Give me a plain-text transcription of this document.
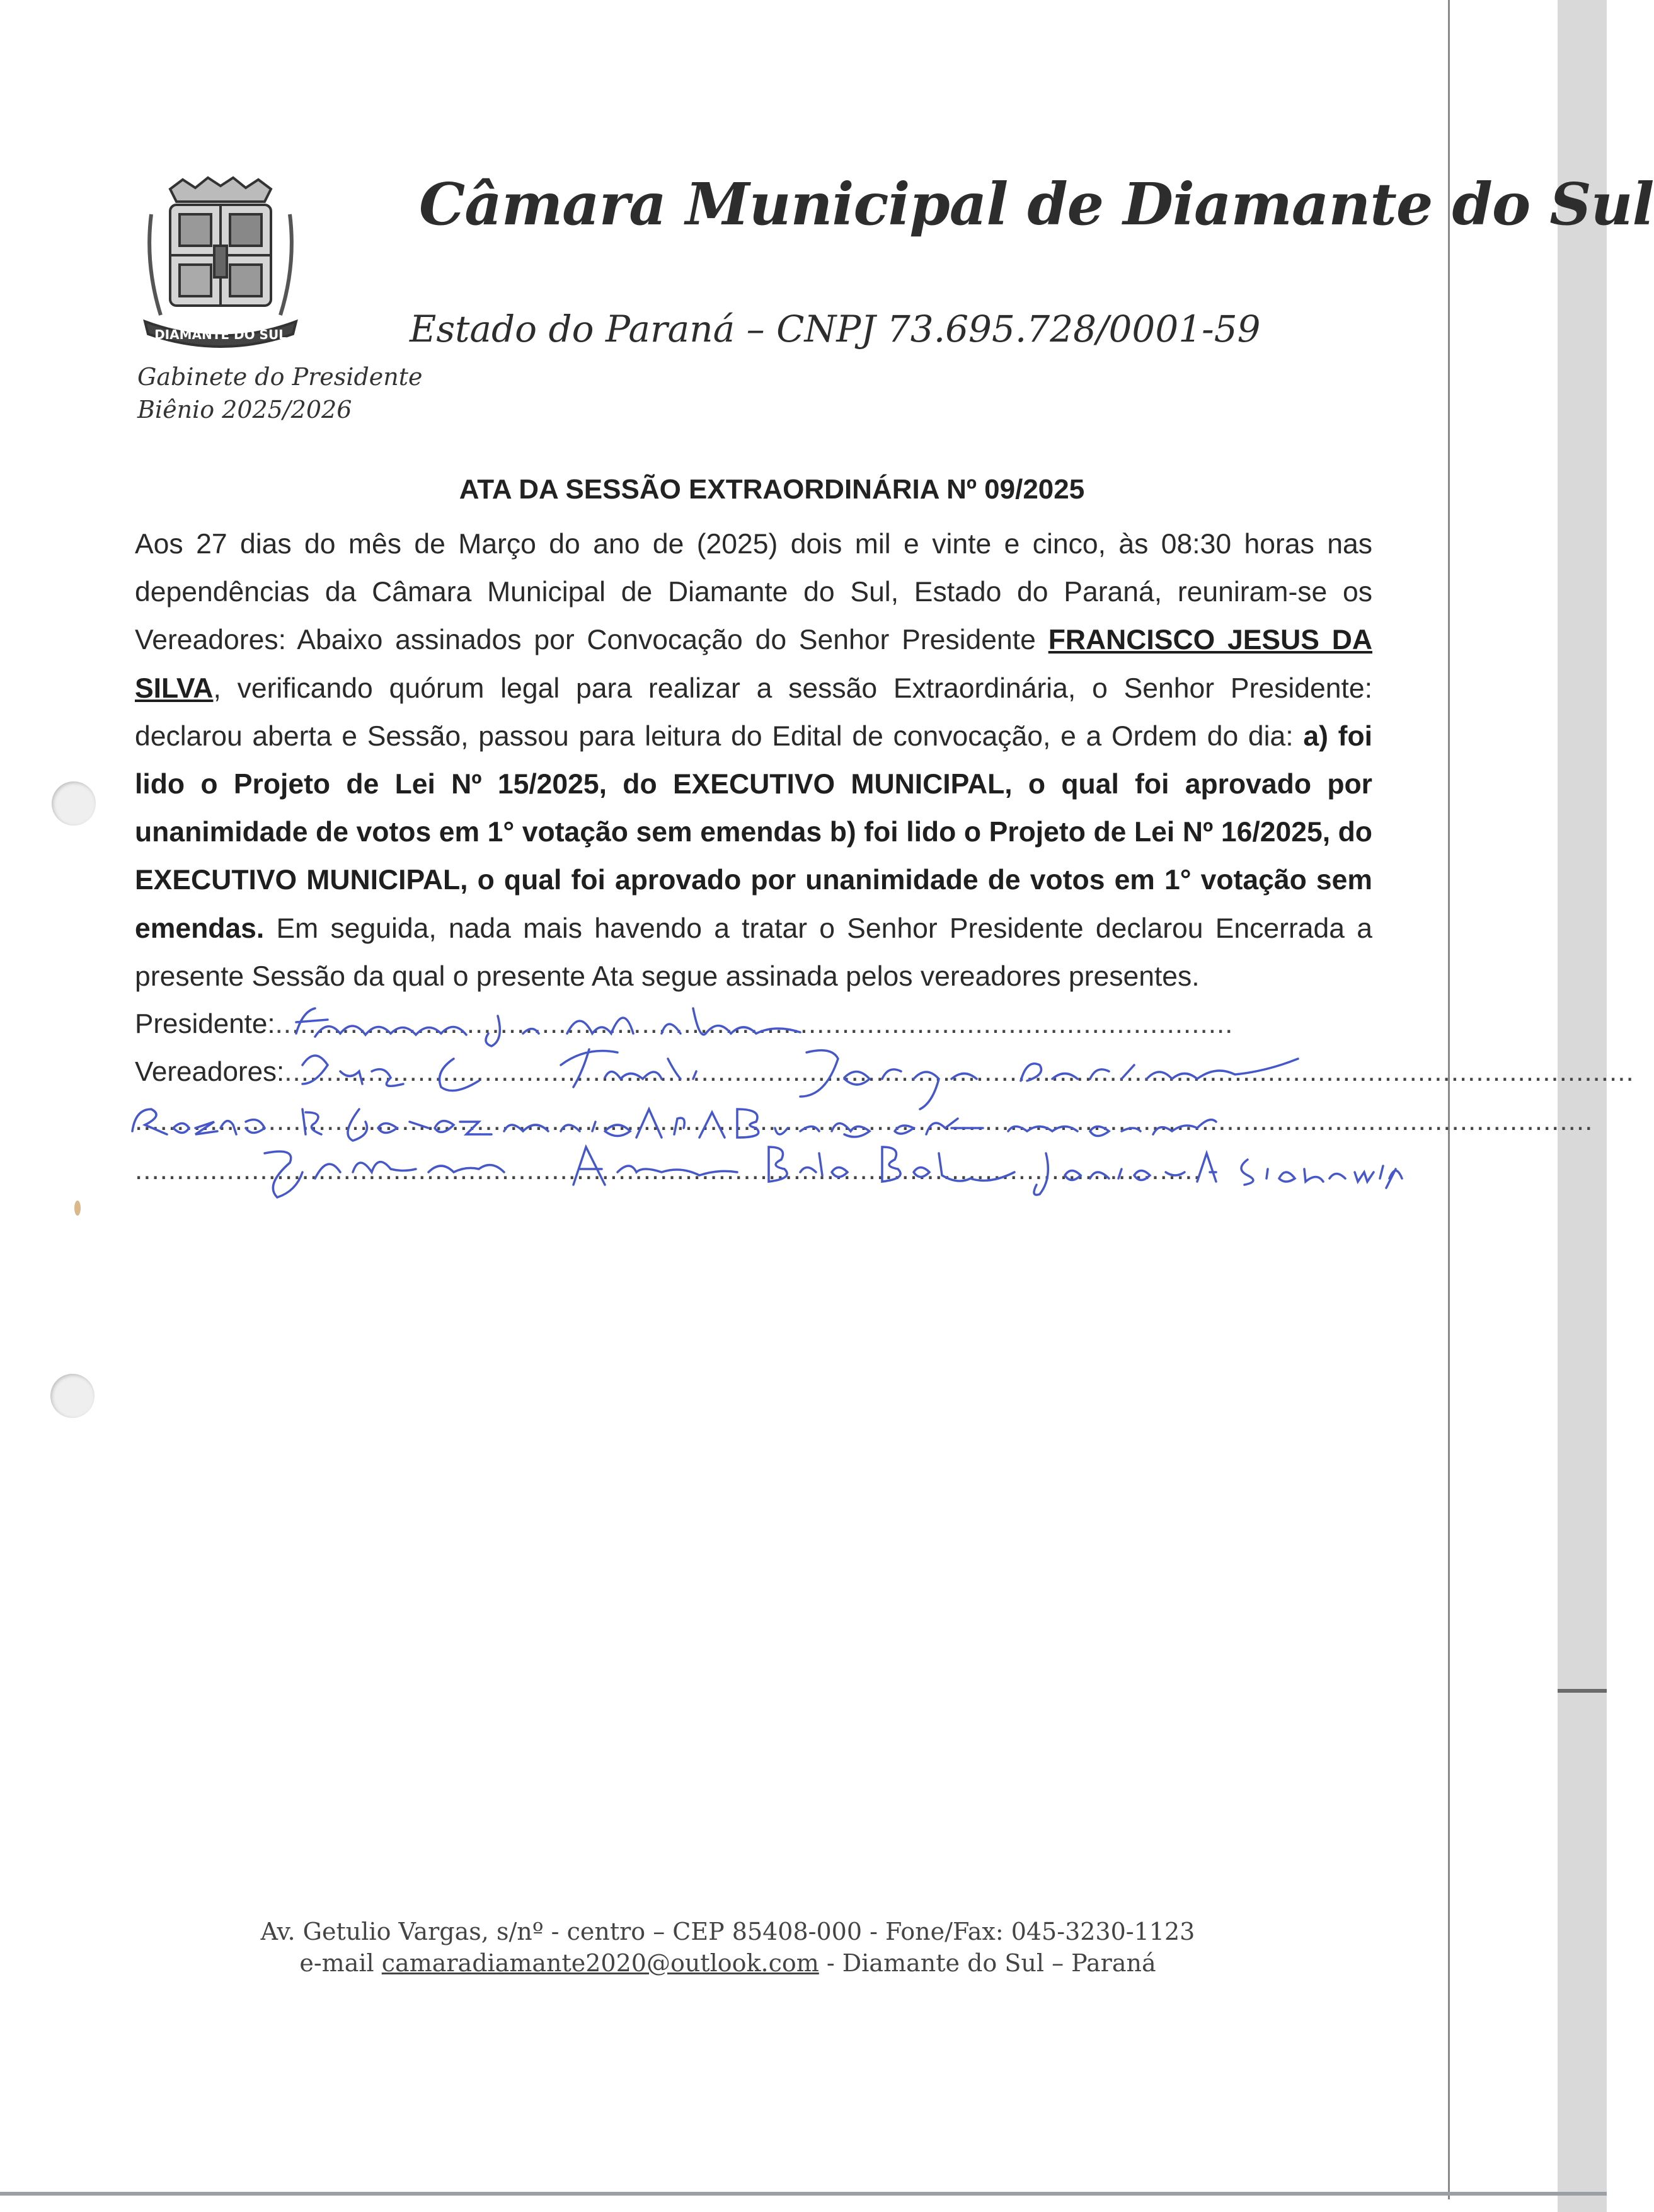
DIAMANTE DO SUL
Gabinete do Presidente
Biênio 2025/2026
Câmara Municipal de Diamante do Sul
Estado do Paraná – CNPJ 73.695.728/0001-59
ATA DA SESSÃO EXTRAORDINÁRIA Nº 09/2025
Aos 27 dias do mês de Março do ano de (2025) dois mil e vinte e cinco, às 08:30 horas nas dependências da Câmara Municipal de Diamante do Sul, Estado do Paraná, reuniram-se os Vereadores: Abaixo assinados por Convocação do Senhor Presidente FRANCISCO JESUS DA SILVA, verificando quórum legal para realizar a sessão Extraordinária, o Senhor Presidente: declarou aberta e Sessão, passou para leitura do Edital de convocação, e a Ordem do dia: a) foi lido o Projeto de Lei Nº 15/2025, do EXECUTIVO MUNICIPAL, o qual foi aprovado por unanimidade de votos em 1° votação sem emendas b) foi lido o Projeto de Lei Nº 16/2025, do EXECUTIVO MUNICIPAL, o qual foi aprovado por unanimidade de votos em 1° votação sem emendas. Em seguida, nada mais havendo a tratar o Senhor Presidente declarou Encerrada a presente Sessão da qual o presente Ata segue assinada pelos vereadores presentes.
Presidente:...................................................................................................................
Vereadores:..................................................................................................................................................................
...............................................................................................................................................................................
................................................................................................................................
Av. Getulio Vargas, s/nº - centro – CEP 85408-000 - Fone/Fax: 045-3230-1123
e-mail camaradiamante2020@outlook.com - Diamante do Sul – Paraná
